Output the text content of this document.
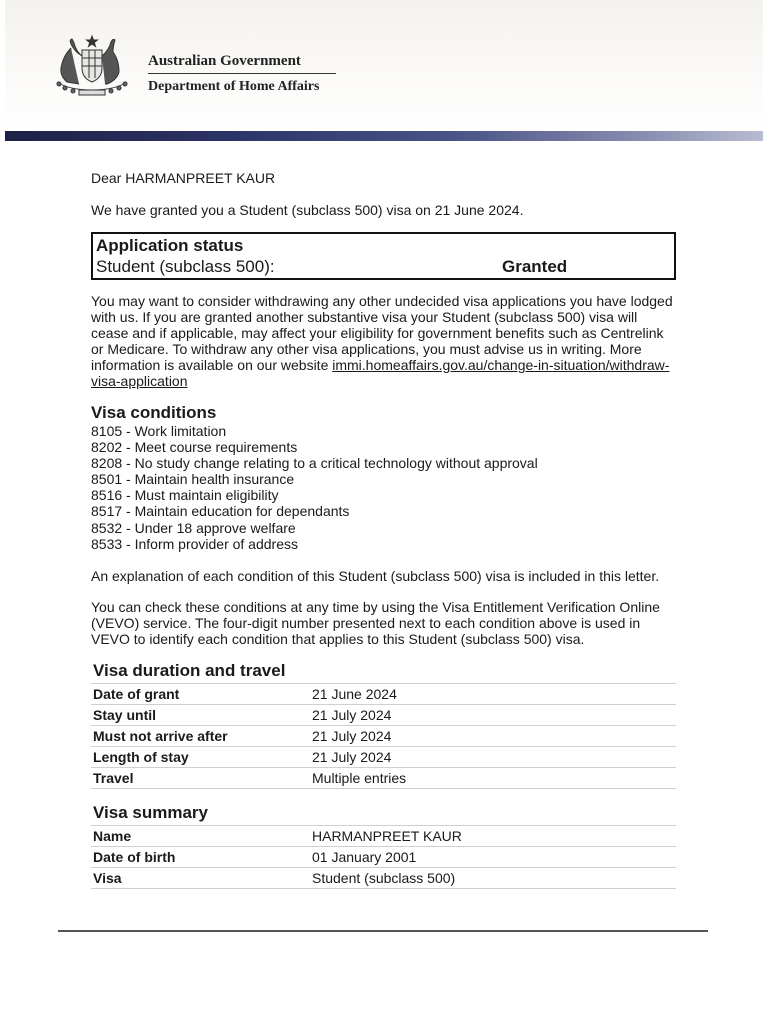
Australian Government
Department of Home Affairs

Dear HARMANPREET KAUR

We have granted you a Student (subclass 500) visa on 21 June 2024.

Application status
Student (subclass 500):	Granted

You may want to consider withdrawing any other undecided visa applications you have lodged with us. If you are granted another substantive visa your Student (subclass 500) visa will cease and if applicable, may affect your eligibility for government benefits such as Centrelink or Medicare. To withdraw any other visa applications, you must advise us in writing. More information is available on our website immi.homeaffairs.gov.au/change-in-situation/withdraw-visa-application

Visa conditions
8105 - Work limitation
8202 - Meet course requirements
8208 - No study change relating to a critical technology without approval
8501 - Maintain health insurance
8516 - Must maintain eligibility
8517 - Maintain education for dependants
8532 - Under 18 approve welfare
8533 - Inform provider of address

An explanation of each condition of this Student (subclass 500) visa is included in this letter.

You can check these conditions at any time by using the Visa Entitlement Verification Online (VEVO) service. The four-digit number presented next to each condition above is used in VEVO to identify each condition that applies to this Student (subclass 500) visa.

Visa duration and travel
Date of grant	21 June 2024
Stay until	21 July 2024
Must not arrive after	21 July 2024
Length of stay	21 July 2024
Travel	Multiple entries
Visa summary
Name	HARMANPREET KAUR
Date of birth	01 January 2001
Visa	Student (subclass 500)
